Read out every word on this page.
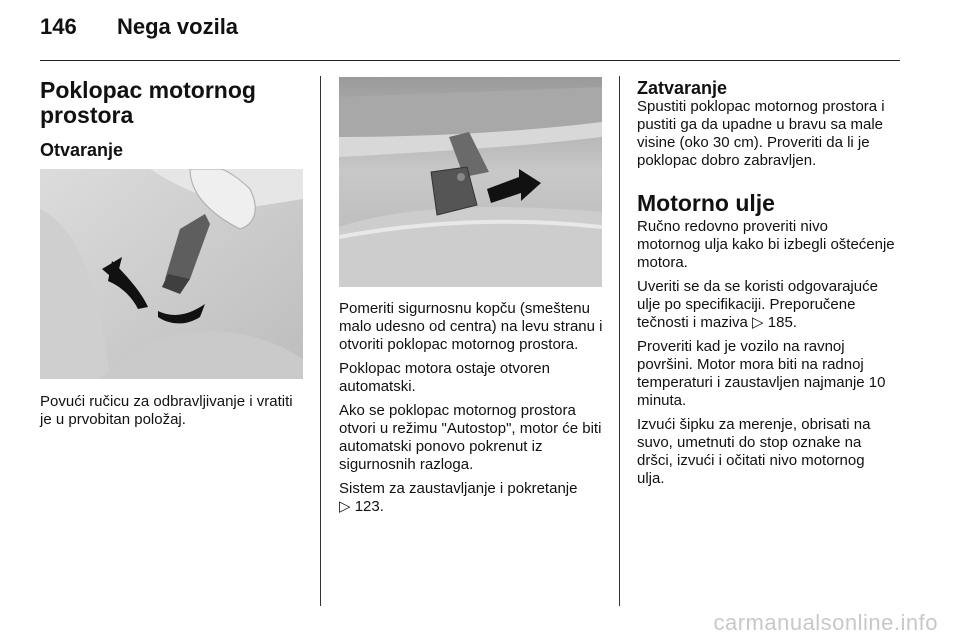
146 Nega vozila
Poklopac motornog prostora
Otvaranje
Povući ručicu za odbravljivanje i vratiti je u prvobitan položaj.

Pomeriti sigurnosnu kopču (smeštenu malo udesno od centra) na levu stranu i otvoriti poklopac motornog prostora.

Poklopac motora ostaje otvoren automatski.

Ako se poklopac motornog prostora otvori u režimu "Autostop", motor će biti automatski ponovo pokrenut iz sigurnosnih razloga.

Sistem za zaustavljanje i pokretanje
▷ 123.

Zatvaranje
Spustiti poklopac motornog prostora i pustiti ga da upadne u bravu sa male visine (oko 30 cm). Proveriti da li je poklopac dobro zabravljen.
Motorno ulje

Ručno redovno proveriti nivo motornog ulja kako bi izbegli oštećenje motora.

Uveriti se da se koristi odgovarajuće ulje po specifikaciji. Preporučene tečnosti i maziva ▷ 185.

Proveriti kad je vozilo na ravnoj površini. Motor mora biti na radnoj temperaturi i zaustavljen najmanje 10 minuta.

Izvući šipku za merenje, obrisati na suvo, umetnuti do stop oznake na dršci, izvući i očitati nivo motornog ulja.

carmanualsonline.info
